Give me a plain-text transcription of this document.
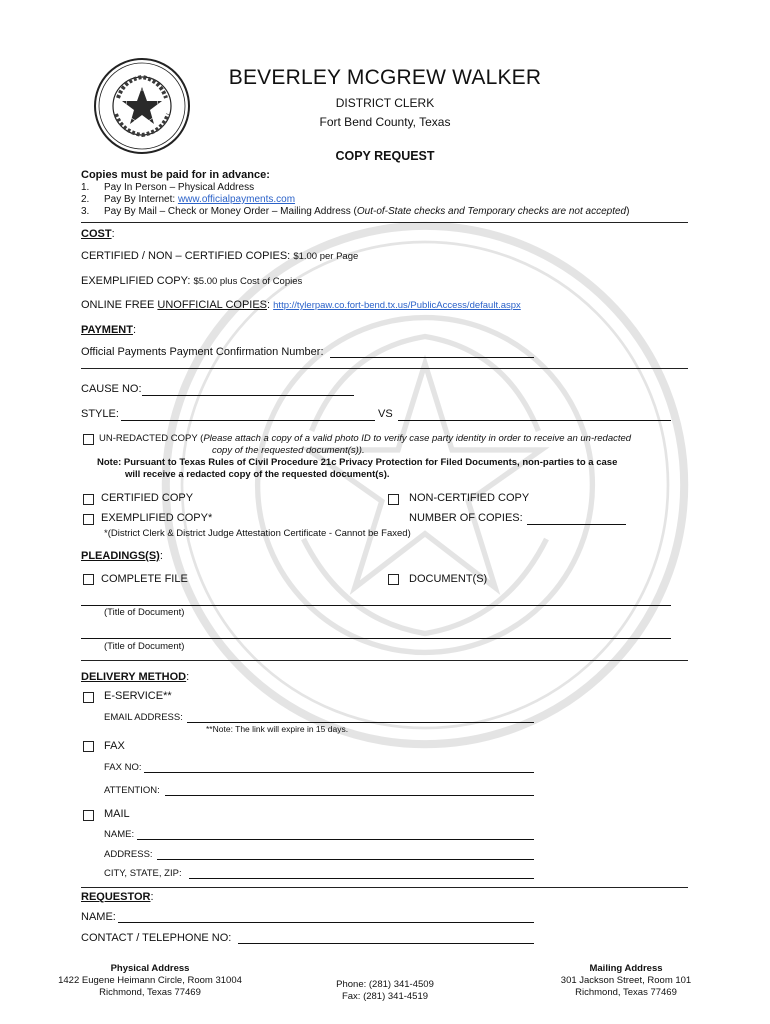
BEVERLEY MCGREW WALKER
DISTRICT CLERK
Fort Bend County, Texas
COPY REQUEST
Copies must be paid for in advance:
1. Pay In Person – Physical Address
2. Pay By Internet: www.officialpayments.com
3. Pay By Mail – Check or Money Order – Mailing Address (Out-of-State checks and Temporary checks are not accepted)
COST:
CERTIFIED / NON – CERTIFIED COPIES: $1.00 per Page
EXEMPLIFIED COPY: $5.00 plus Cost of Copies
ONLINE FREE UNOFFICIAL COPIES: http://tylerpaw.co.fort-bend.tx.us/PublicAccess/default.aspx
PAYMENT:
Official Payments Payment Confirmation Number:
CAUSE NO:
STYLE:	VS
UN-REDACTED COPY (Please attach a copy of a valid photo ID to verify case party identity in order to receive an un-redacted
copy of the requested document(s)).
Note: Pursuant to Texas Rules of Civil Procedure 21c Privacy Protection for Filed Documents, non-parties to a case
will receive a redacted copy of the requested document(s).
CERTIFIED COPY	NON-CERTIFIED COPY
EXEMPLIFIED COPY*	NUMBER OF COPIES:
*(District Clerk & District Judge Attestation Certificate - Cannot be Faxed)
PLEADINGS(S):
COMPLETE FILE	DOCUMENT(S)
(Title of Document)
(Title of Document)
DELIVERY METHOD:
E-SERVICE**
EMAIL ADDRESS:
**Note: The link will expire in 15 days.
FAX
FAX NO:
ATTENTION:
MAIL
NAME:
ADDRESS:
CITY, STATE, ZIP:
REQUESTOR:
NAME:
CONTACT / TELEPHONE NO:
Physical Address
1422 Eugene Heimann Circle, Room 31004
Richmond, Texas 77469
Phone: (281) 341-4509
Fax: (281) 341-4519
Mailing Address
301 Jackson Street, Room 101
Richmond, Texas 77469
